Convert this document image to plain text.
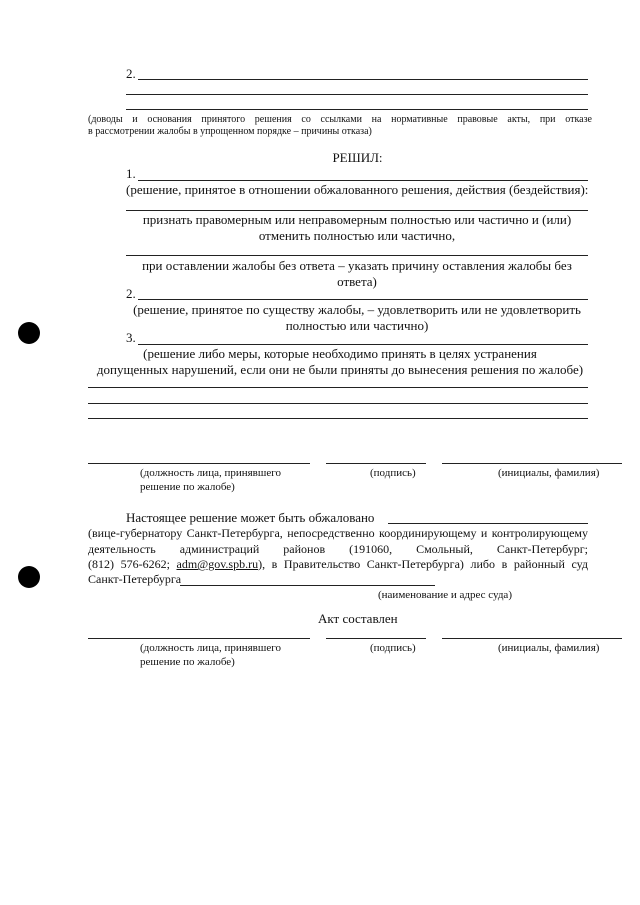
2.
(доводы и основания принятого решения со ссылками на нормативные правовые акты, при отказе
в рассмотрении жалобы в упрощенном порядке – причины отказа)
РЕШИЛ:
1.
(решение, принятое в отношении обжалованного решения, действия (бездействия):
признать правомерным или неправомерным полностью или частично и (или)
отменить полностью или частично,
при оставлении жалобы без ответа – указать причину оставления жалобы без
ответа)
2.
(решение, принятое по существу жалобы, – удовлетворить или не удовлетворить
полностью или частично)
3.
(решение либо меры, которые необходимо принять в целях устранения
допущенных нарушений, если они не были приняты до вынесения решения по жалобе)
(должность лица, принявшего
решение по жалобе)
(подпись)	(инициалы, фамилия)
Настоящее решение может быть обжаловано
(вице-губернатору Санкт-Петербурга, непосредственно координирующему и контролирующему
деятельность администраций районов (191060, Смольный, Санкт-Петербург;
(812) 576-6262; adm@gov.spb.ru), в Правительство Санкт-Петербурга) либо в районный суд
Санкт-Петербурга
(наименование и адрес суда)
Акт составлен
(должность лица, принявшего
решение по жалобе)
(подпись)	(инициалы, фамилия)
